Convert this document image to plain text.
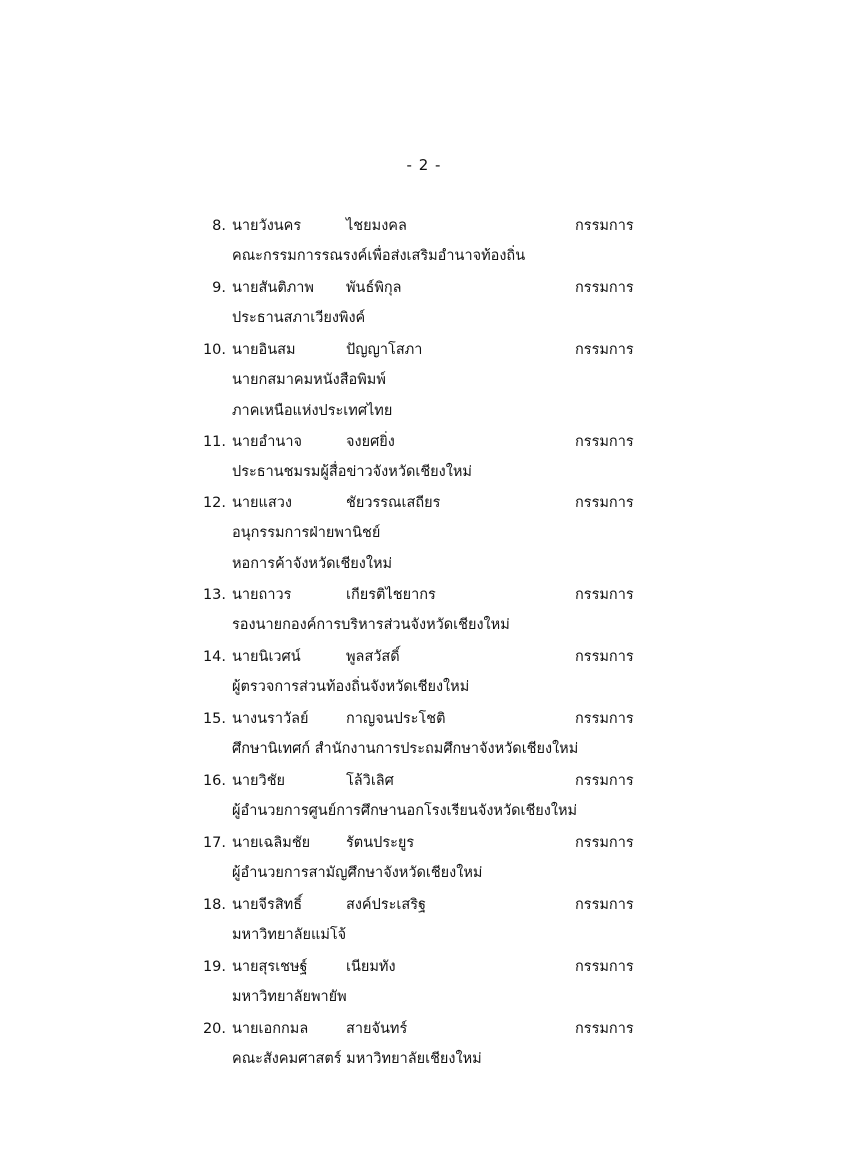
- 2 -
8. นายวังนคร	ไชยมงคล	กรรมการ
คณะกรรมการรณรงค์เพื่อส่งเสริมอำนาจท้องถิ่น
9. นายสันติภาพ พันธ์พิกุล	กรรมการ
ประธานสภาเวียงพิงค์
10. นายอินสม	ปัญญาโสภา	กรรมการ
นายกสมาคมหนังสือพิมพ์
ภาคเหนือแห่งประเทศไทย
11. นายอำนาจ	จงยศยิ่ง	กรรมการ
ประธานชมรมผู้สื่อข่าวจังหวัดเชียงใหม่
12. นายแสวง	ชัยวรรณเสถียร	กรรมการ
อนุกรรมการฝ่ายพานิชย์
หอการค้าจังหวัดเชียงใหม่
13. นายถาวร	เกียรติไชยากร	กรรมการ
รองนายกองค์การบริหารส่วนจังหวัดเชียงใหม่
14. นายนิเวศน์	พูลสวัสดิ์	กรรมการ
ผู้ตรวจการส่วนท้องถิ่นจังหวัดเชียงใหม่
15. นางนราวัลย์	กาญจนประโชติ	กรรมการ
ศึกษานิเทศก์ สำนักงานการประถมศึกษาจังหวัดเชียงใหม่
16. นายวิชัย	โล้วิเลิศ	กรรมการ
ผู้อำนวยการศูนย์การศึกษานอกโรงเรียนจังหวัดเชียงใหม่
17. นายเฉลิมชัย รัตนประยูร	กรรมการ
ผู้อำนวยการสามัญศึกษาจังหวัดเชียงใหม่
18. นายจีรสิทธิ์	สงค์ประเสริฐ	กรรมการ
มหาวิทยาลัยแม่โจ้
19. นายสุรเชษฐ์	เนียมทัง	กรรมการ
มหาวิทยาลัยพายัพ
20. นายเอกกมล	สายจันทร์	กรรมการ
คณะสังคมศาสตร์ มหาวิทยาลัยเชียงใหม่
